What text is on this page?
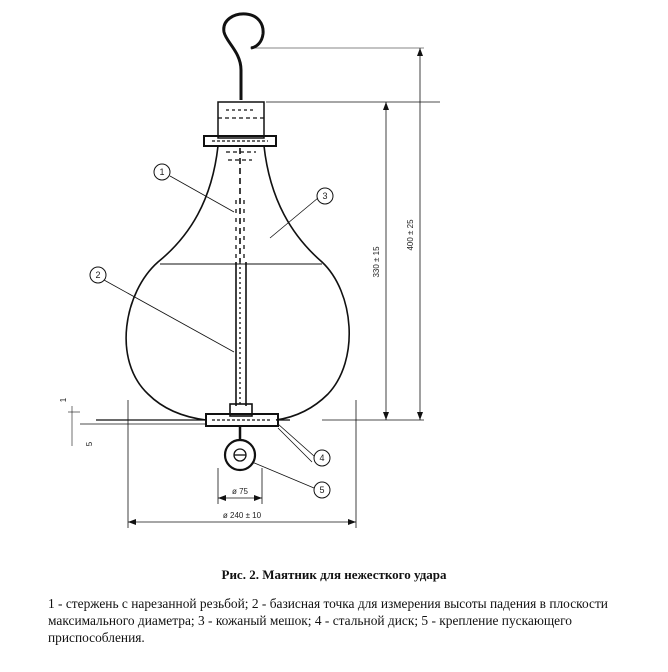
1
2
3
4
5
400 ± 25
330 ± 15
ø 75
ø 240 ± 10
1
5
Рис. 2. Маятник для нежесткого удара
1 - стержень с нарезанной резьбой; 2 - базисная точка для измерения высоты падения в плоскости максимального диаметра; 3 - кожаный мешок; 4 - стальной диск; 5 - крепление пускающего приспособления.
